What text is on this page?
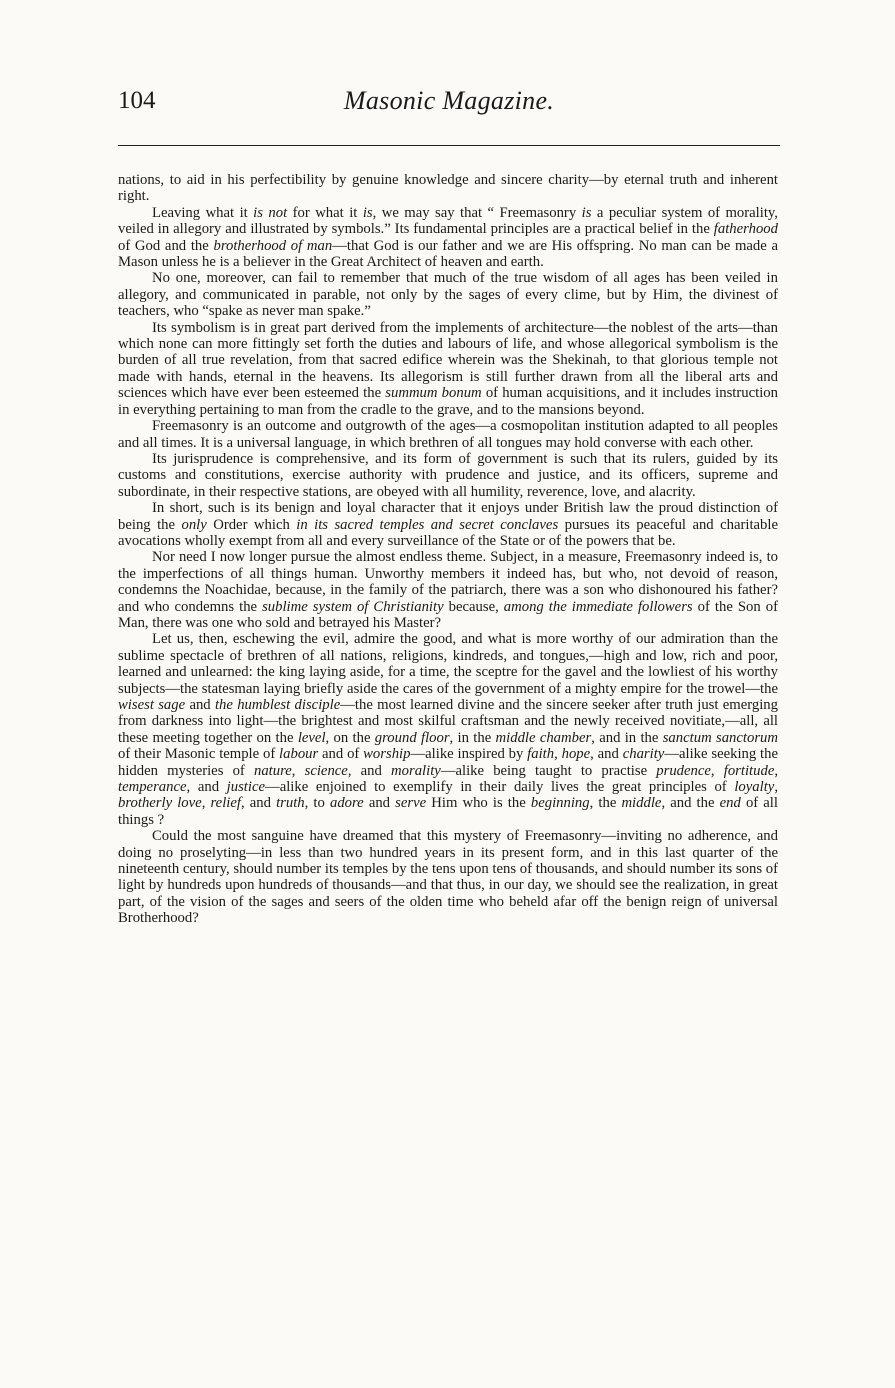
104	Masonic Magazine.

nations, to aid in his perfectibility by genuine knowledge and sincere charity—by eternal truth and inherent right.

Leaving what it is not for what it is, we may say that “ Freemasonry is a peculiar system of morality, veiled in allegory and illustrated by symbols.” Its fundamental principles are a practical belief in the fatherhood of God and the brotherhood of man—that God is our father and we are His offspring. No man can be made a Mason unless he is a believer in the Great Architect of heaven and earth.

No one, moreover, can fail to remember that much of the true wisdom of all ages has been veiled in allegory, and communicated in parable, not only by the sages of every clime, but by Him, the divinest of teachers, who “spake as never man spake.”

Its symbolism is in great part derived from the implements of architecture—the noblest of the arts—than which none can more fittingly set forth the duties and labours of life, and whose allegorical symbolism is the burden of all true revelation, from that sacred edifice wherein was the Shekinah, to that glorious temple not made with hands, eternal in the heavens. Its allegorism is still further drawn from all the liberal arts and sciences which have ever been esteemed the summum bonum of human acquisitions, and it includes instruction in everything pertaining to man from the cradle to the grave, and to the mansions beyond.

Freemasonry is an outcome and outgrowth of the ages—a cosmopolitan institution adapted to all peoples and all times. It is a universal language, in which brethren of all tongues may hold converse with each other.

Its jurisprudence is comprehensive, and its form of government is such that its rulers, guided by its customs and constitutions, exercise authority with prudence and justice, and its officers, supreme and subordinate, in their respective stations, are obeyed with all humility, reverence, love, and alacrity.

In short, such is its benign and loyal character that it enjoys under British law the proud distinction of being the only Order which in its sacred temples and secret conclaves pursues its peaceful and charitable avocations wholly exempt from all and every surveillance of the State or of the powers that be.

Nor need I now longer pursue the almost endless theme. Subject, in a measure, Freemasonry indeed is, to the imperfections of all things human. Unworthy members it indeed has, but who, not devoid of reason, condemns the Noachidae, because, in the family of the patriarch, there was a son who dishonoured his father? and who condemns the sublime system of Christianity because, among the immediate followers of the Son of Man, there was one who sold and betrayed his Master?

Let us, then, eschewing the evil, admire the good, and what is more worthy of our admiration than the sublime spectacle of brethren of all nations, religions, kindreds, and tongues,—high and low, rich and poor, learned and unlearned: the king laying aside, for a time, the sceptre for the gavel and the lowliest of his worthy subjects—the statesman laying briefly aside the cares of the government of a mighty empire for the trowel—the wisest sage and the humblest disciple—the most learned divine and the sincere seeker after truth just emerging from darkness into light—the brightest and most skilful craftsman and the newly received novitiate,—all, all these meeting together on the level, on the ground floor, in the middle chamber, and in the sanctum sanctorum of their Masonic temple of labour and of worship—alike inspired by faith, hope, and charity—alike seeking the hidden mysteries of nature, science, and morality—alike being taught to practise prudence, fortitude, temperance, and justice—alike enjoined to exemplify in their daily lives the great principles of loyalty, brotherly love, relief, and truth, to adore and serve Him who is the beginning, the middle, and the end of all things ?

Could the most sanguine have dreamed that this mystery of Freemasonry—inviting no adherence, and doing no proselyting—in less than two hundred years in its present form, and in this last quarter of the nineteenth century, should number its temples by the tens upon tens of thousands, and should number its sons of light by hundreds upon hundreds of thousands—and that thus, in our day, we should see the realization, in great part, of the vision of the sages and seers of the olden time who beheld afar off the benign reign of universal Brotherhood?
